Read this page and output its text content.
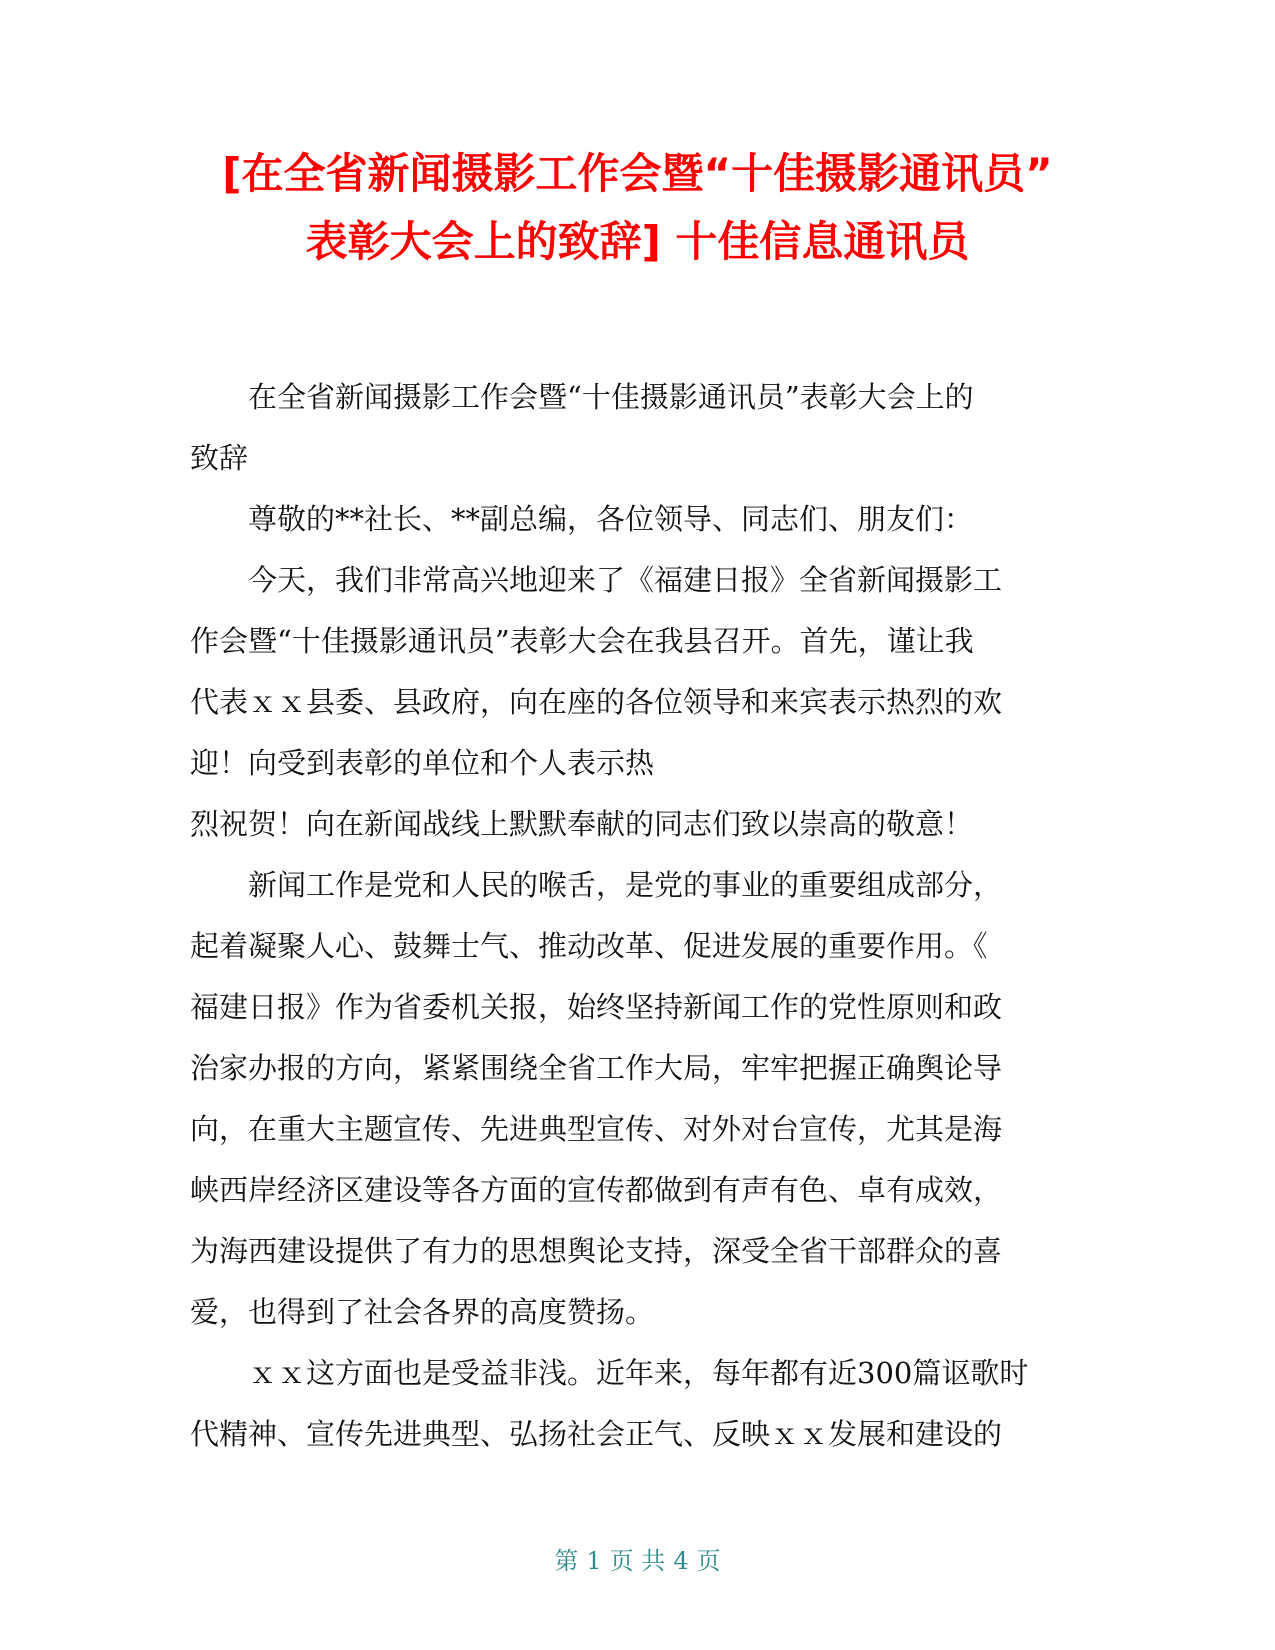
[在全省新闻摄影工作会暨“十佳摄影通讯员”
表彰大会上的致辞] 十佳信息通讯员

　　在全省新闻摄影工作会暨“十佳摄影通讯员”表彰大会上的

致辞

　　尊敬的**社长、**副总编，各位领导、同志们、朋友们：

　　今天，我们非常高兴地迎来了《福建日报》全省新闻摄影工

作会暨“十佳摄影通讯员”表彰大会在我县召开。首先，谨让我

代表ｘｘ县委、县政府，向在座的各位领导和来宾表示热烈的欢

迎！向受到表彰的单位和个人表示热

烈祝贺！向在新闻战线上默默奉献的同志们致以崇高的敬意！

　　新闻工作是党和人民的喉舌，是党的事业的重要组成部分，

起着凝聚人心、鼓舞士气、推动改革、促进发展的重要作用。《

福建日报》作为省委机关报，始终坚持新闻工作的党性原则和政

治家办报的方向，紧紧围绕全省工作大局，牢牢把握正确舆论导

向，在重大主题宣传、先进典型宣传、对外对台宣传，尤其是海

峡西岸经济区建设等各方面的宣传都做到有声有色、卓有成效，

为海西建设提供了有力的思想舆论支持，深受全省干部群众的喜

爱，也得到了社会各界的高度赞扬。

　　ｘｘ这方面也是受益非浅。近年来，每年都有近300篇讴歌时

代精神、宣传先进典型、弘扬社会正气、反映ｘｘ发展和建设的

第 1 页 共 4 页
